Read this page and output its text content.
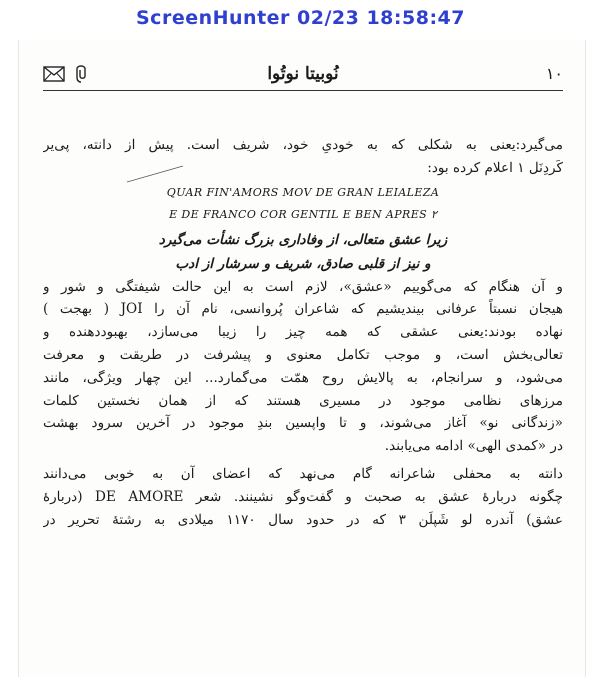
ScreenHunter 02/23 18:58:47
نُوبيتا نوتُوا	۱۰

می‌گیرد:یعنی به شکلی که به خودیِ خود، شریف است. پیش از دانته، پی‌یر
کَردِنَل ۱ اعلام کرده بود:

QUAR FIN'AMORS MOV DE GRAN LEIALEZA
E DE FRANCO COR GENTIL E BEN APRES ۲
زیرا عشق متعالی، از وفاداری بزرگ نشأت می‌گیرد
و نیز از قلبی صادق، شریف و سرشار از ادب

و آن هنگام که می‌گوییم «عشق»، لازم است به این حالت شیفتگی و شور و
هیجان نسبتاً عرفانی بیندیشیم که شاعران پُروانسی، نام آن را JOI ( بهجت )
نهاده بودند:یعنی عشقی که همه چیز را زیبا می‌سازد، بهبوددهنده و
تعالی‌بخش است، و موجب تکامل معنوی و پیشرفت در طریقت و معرفت
می‌شود، و سرانجام، به پالایش روح همّت می‌گمارد... این چهار ویژگی، مانند
مرزهای نظامی موجود در مسیری هستند که از همان نخستین کلمات
«زندگانی نو» آغاز می‌شوند، و تا واپسین بندِ موجود در آخرین سرود بهشت
در «کمدی الهی» ادامه می‌یابند.

دانته به محفلی شاعرانه گام می‌نهد که اعضای آن به خوبی می‌دانند
چگونه دربارهٔ عشق به صحبت و گفت‌وگو نشینند. شعر DE AMORE (دربارهٔ
عشق) آندره لو شَپلَن ۳ که در حدود سال ۱۱۷۰ میلادی به رشتهٔ تحریر در
